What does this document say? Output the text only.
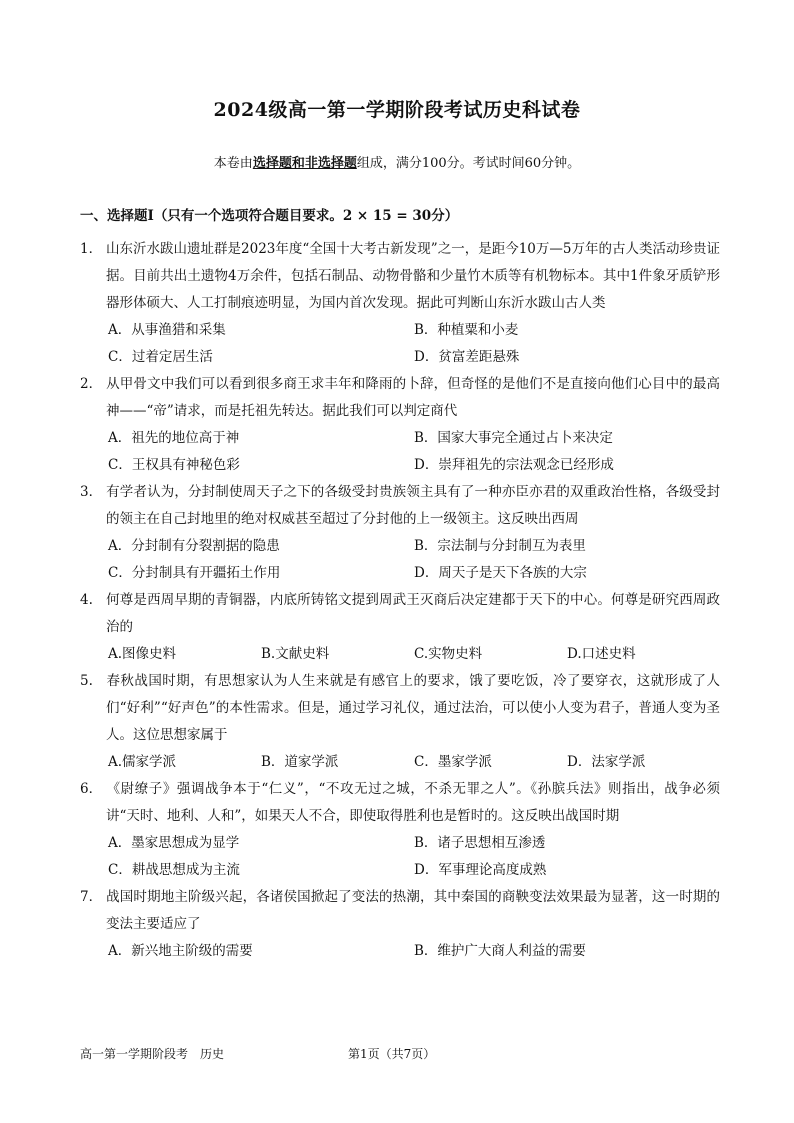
2024级高一第一学期阶段考试历史科试卷
本卷由选择题和非选择题组成，满分100分。考试时间60分钟。
一、选择题Ⅰ（只有一个选项符合题目要求。2 × 15 = 30分）
1． 山东沂水跋山遗址群是2023年度“全国十大考古新发现”之一，是距今10万—5万年的古人类活动珍贵证据。目前共出土遗物4万余件，包括石制品、动物骨骼和少量竹木质等有机物标本。其中1件象牙质铲形器形体硕大、人工打制痕迹明显，为国内首次发现。据此可判断山东沂水跋山古人类
A．从事渔猎和采集	B．种植粟和小麦
C．过着定居生活	D．贫富差距悬殊
2． 从甲骨文中我们可以看到很多商王求丰年和降雨的卜辞，但奇怪的是他们不是直接向他们心目中的最高神——“帝”请求，而是托祖先转达。据此我们可以判定商代
A．祖先的地位高于神	B．国家大事完全通过占卜来决定
C．王权具有神秘色彩	D．崇拜祖先的宗法观念已经形成
3． 有学者认为，分封制使周天子之下的各级受封贵族领主具有了一种亦臣亦君的双重政治性格，各级受封的领主在自己封地里的绝对权威甚至超过了分封他的上一级领主。这反映出西周
A．分封制有分裂割据的隐患	B．宗法制与分封制互为表里
C．分封制具有开疆拓土作用	D．周天子是天下各族的大宗
4. 何尊是西周早期的青铜器，内底所铸铭文提到周武王灭商后决定建都于天下的中心。何尊是研究西周政治的
A.图像史料	B.文献史料	C.实物史料	D.口述史料
5. 春秋战国时期，有思想家认为人生来就是有感官上的要求，饿了要吃饭，冷了要穿衣，这就形成了人们“好利”“好声色”的本性需求。但是，通过学习礼仪，通过法治，可以使小人变为君子，普通人变为圣人。这位思想家属于
A.儒家学派	B．道家学派	C．墨家学派	D．法家学派
6． 《尉缭子》强调战争本于“仁义”，“不攻无过之城，不杀无罪之人”。《孙膑兵法》则指出，战争必须讲“天时、地利、人和”，如果天人不合，即使取得胜利也是暂时的。这反映出战国时期
A．墨家思想成为显学	B．诸子思想相互渗透
C．耕战思想成为主流	D．军事理论高度成熟
7． 战国时期地主阶级兴起，各诸侯国掀起了变法的热潮，其中秦国的商鞅变法效果最为显著，这一时期的变法主要适应了
A．新兴地主阶级的需要	B．维护广大商人利益的需要
高一第一学期阶段考　历史	第1页（共7页）
